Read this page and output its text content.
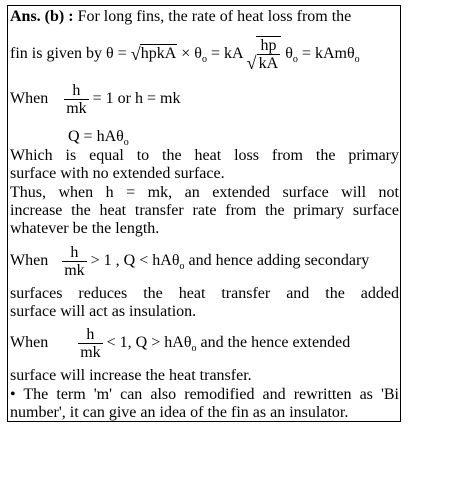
Ans. (b) : For long fins, the rate of heat loss from the
fin is given by θ = √ hpkA × $\theta_o$ = kA √ $\frac{hp}{kA} \theta_o = kAm\theta_o$
When $\frac{h}{mk} = 1$ or h = mk
Q = hAθ$_o$
Which is equal to the heat loss from the primary
surface with no extended surface.
Thus, when h = mk, an extended surface will not
increase the heat transfer rate from the primary surface
whatever be the length.
When $\frac{h}{mk} > 1$ , Q < hAθ$_o$ and hence adding secondary
surfaces reduces the heat transfer and the added
surface will act as insulation.
When $\frac{h}{mk} < 1$, Q > hAθ$_o$ and the hence extended
surface will increase the heat transfer.
• The term 'm' can also remodified and rewritten as 'Bi
number', it can give an idea of the fin as an insulator.
